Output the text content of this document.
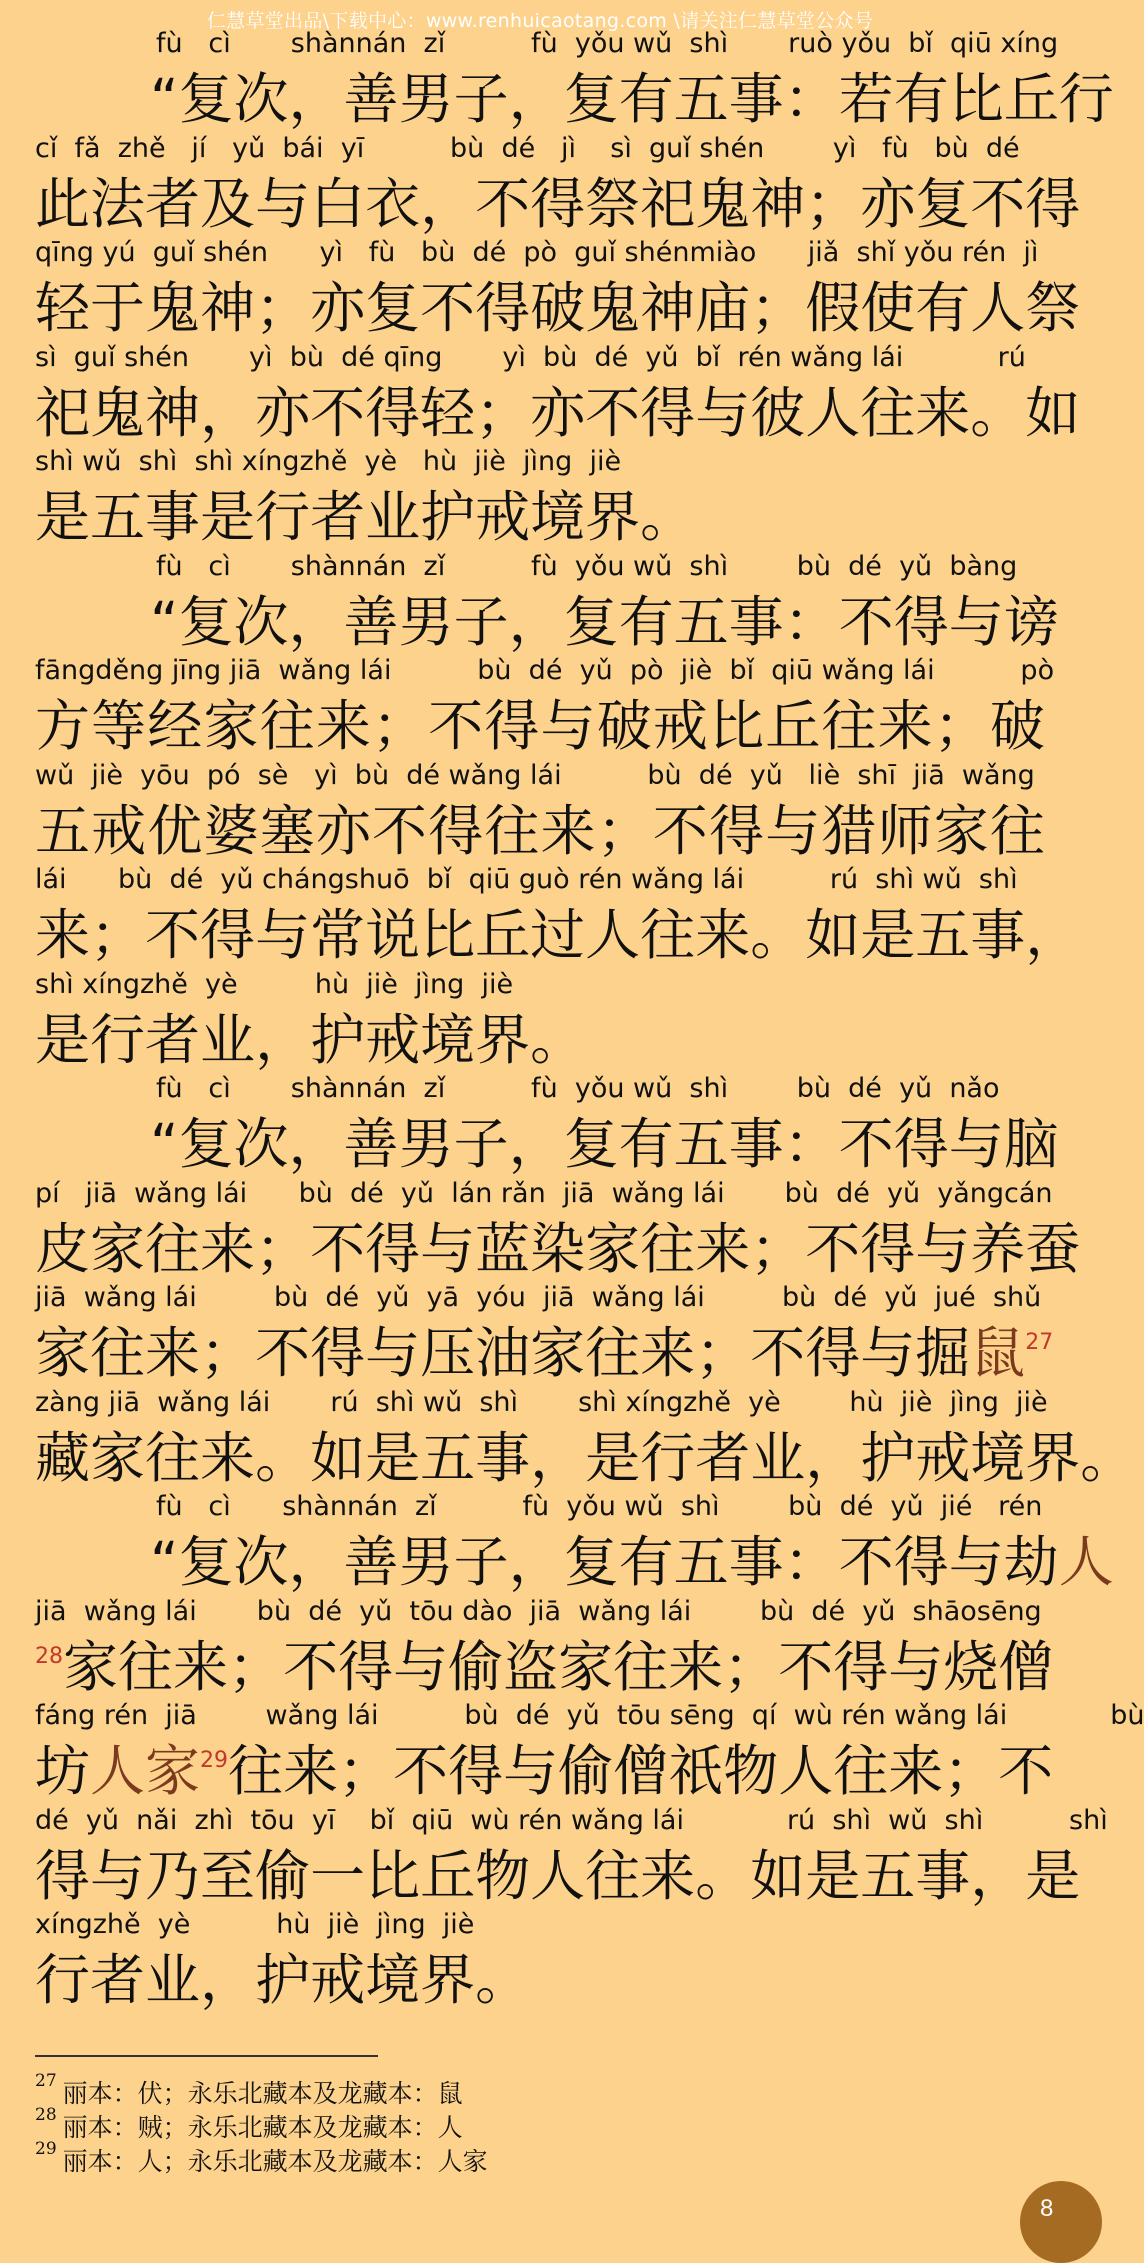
仁慧草堂出品\下载中心：www.renhuicaotang.com \请关注仁慧草堂公众号
fù   cì       shànnán  zǐ          fù  yǒu wǔ  shì       ruò yǒu  bǐ  qiū xíng
“ 复 次 ， 善 男 子 ， 复 有 五 事 ： 若 有 比 丘 行
cǐ  fǎ  zhě   jí   yǔ  bái  yī          bù  dé   jì    sì  guǐ shén        yì   fù   bù  dé
此 法 者 及 与 白 衣 ， 不 得 祭 祀 鬼 神 ； 亦 复 不 得
qīng yú  guǐ shén      yì   fù   bù  dé  pò  guǐ shénmiào      jiǎ  shǐ yǒu rén  jì
轻 于 鬼 神 ； 亦 复 不 得 破 鬼 神 庙 ； 假 使 有 人 祭
sì  guǐ shén       yì  bù  dé qīng       yì  bù  dé  yǔ  bǐ  rén wǎng lái           rú
祀 鬼 神 ， 亦 不 得 轻 ； 亦 不 得 与 彼 人 往 来 。 如
shì wǔ  shì  shì xíngzhě  yè   hù  jiè  jìng  jiè
是 五 事 是 行 者 业 护 戒 境 界 。
fù   cì       shànnán  zǐ          fù  yǒu wǔ  shì        bù  dé  yǔ  bàng
“ 复 次 ， 善 男 子 ， 复 有 五 事 ： 不 得 与 谤
fāngděng jīng jiā  wǎng lái          bù  dé  yǔ  pò  jiè  bǐ  qiū wǎng lái          pò
方 等 经 家 往 来 ； 不 得 与 破 戒 比 丘 往 来 ； 破
wǔ  jiè  yōu  pó  sè   yì  bù  dé wǎng lái          bù  dé  yǔ   liè  shī  jiā  wǎng
五 戒 优 婆 塞 亦 不 得 往 来 ； 不 得 与 猎 师 家 往
lái      bù  dé  yǔ chángshuō  bǐ  qiū guò rén wǎng lái          rú  shì wǔ  shì
来 ； 不 得 与 常 说 比 丘 过 人 往 来 。 如 是 五 事 ，
shì xíngzhě  yè         hù  jiè  jìng  jiè
是 行 者 业 ， 护 戒 境 界 。
fù   cì       shànnán  zǐ          fù  yǒu wǔ  shì        bù  dé  yǔ  nǎo
“ 复 次 ， 善 男 子 ， 复 有 五 事 ： 不 得 与 脑
pí   jiā  wǎng lái      bù  dé  yǔ  lán rǎn  jiā  wǎng lái       bù  dé  yǔ  yǎngcán
皮 家 往 来 ； 不 得 与 蓝 染 家 往 来 ； 不 得 与 养 蚕
jiā  wǎng lái         bù  dé  yǔ  yā  yóu  jiā  wǎng lái         bù  dé  yǔ  jué  shǔ
家 往 来 ； 不 得 与 压 油 家 往 来 ； 不 得 与 掘 鼠$^{27}$
zàng jiā  wǎng lái       rú  shì wǔ  shì       shì xíngzhě  yè        hù  jiè  jìng  jiè
藏 家 往 来 。 如 是 五 事 ， 是 行 者 业 ， 护 戒 境 界 。
fù   cì      shànnán  zǐ          fù  yǒu wǔ  shì        bù  dé  yǔ  jié   rén
“ 复 次 ， 善 男 子 ， 复 有 五 事 ： 不 得 与 劫 人
jiā  wǎng lái       bù  dé  yǔ  tōu dào  jiā  wǎng lái        bù  dé  yǔ  shāosēng
28 家 往 来 ； 不 得 与 偷 盗 家 往 来 ； 不 得 与 烧 僧
fáng rén  jiā        wǎng lái          bù  dé  yǔ  tōu sēng  qí  wù rén wǎng lái            bù
坊 人 家$^{29}$ 往 来 ； 不 得 与 偷 僧 祇 物 人 往 来 ； 不
dé  yǔ  nǎi  zhì  tōu  yī    bǐ  qiū  wù rén wǎng lái            rú  shì  wǔ  shì          shì
得 与 乃 至 偷 一 比 丘 物 人 往 来 。 如 是 五 事 ， 是
xíngzhě  yè          hù  jiè  jìng  jiè
行 者 业 ， 护 戒 境 界 。
$^{27}$ 丽本：伏；永乐北藏本及龙藏本：鼠
$^{28}$ 丽本：贼；永乐北藏本及龙藏本：人
$^{29}$ 丽本：人；永乐北藏本及龙藏本：人家
8
